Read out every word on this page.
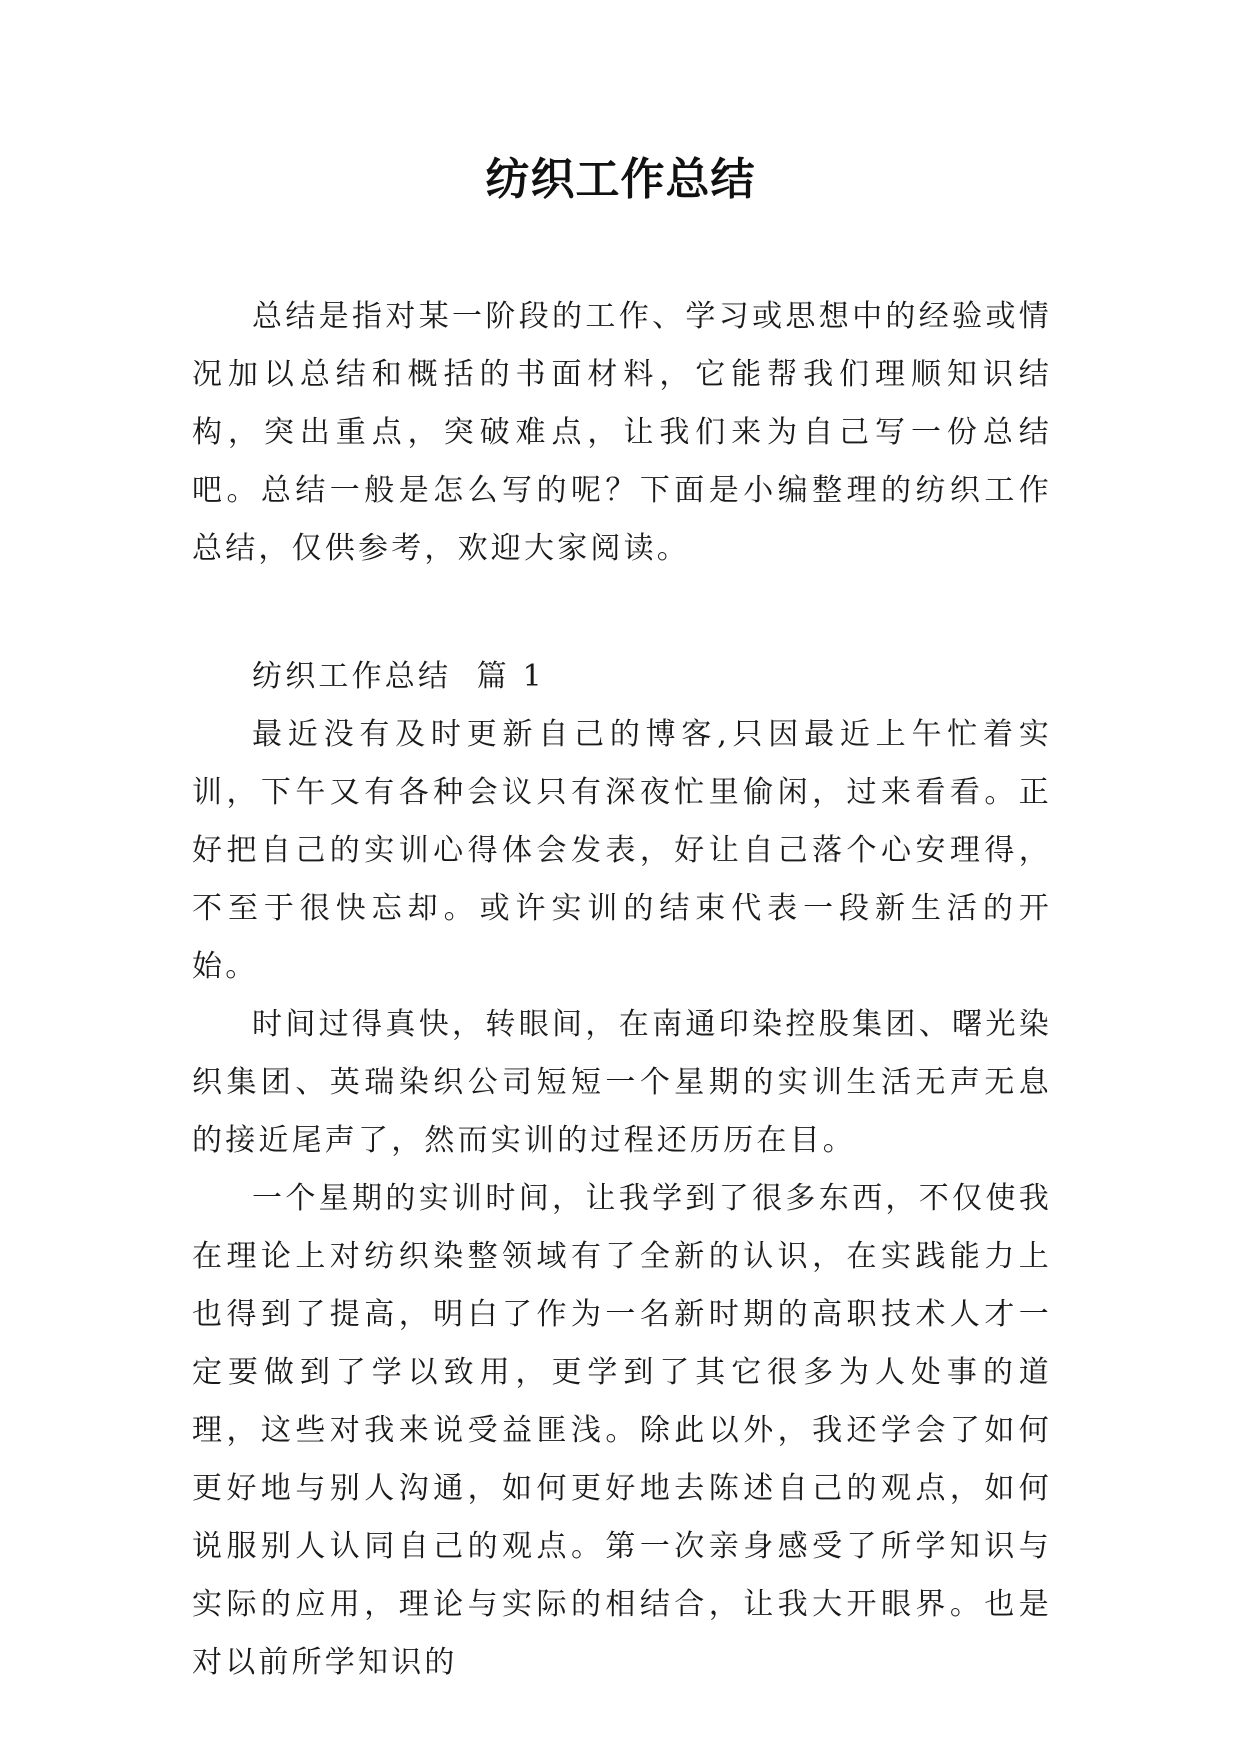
纺织工作总结

总结是指对某一阶段的工作、学习或思想中的经验或情况加以总结和概括的书面材料，它能帮我们理顺知识结构，突出重点，突破难点，让我们来为自己写一份总结吧。总结一般是怎么写的呢？下面是小编整理的纺织工作总结，仅供参考，欢迎大家阅读。

纺织工作总结  篇 1

最近没有及时更新自己的博客,只因最近上午忙着实训，下午又有各种会议只有深夜忙里偷闲，过来看看。正好把自己的实训心得体会发表，好让自己落个心安理得，不至于很快忘却。或许实训的结束代表一段新生活的开始。

时间过得真快，转眼间，在南通印染控股集团、曙光染织集团、英瑞染织公司短短一个星期的实训生活无声无息的接近尾声了，然而实训的过程还历历在目。

一个星期的实训时间，让我学到了很多东西，不仅使我在理论上对纺织染整领域有了全新的认识，在实践能力上也得到了提高，明白了作为一名新时期的高职技术人才一定要做到了学以致用，更学到了其它很多为人处事的道理，这些对我来说受益匪浅。除此以外，我还学会了如何更好地与别人沟通，如何更好地去陈述自己的观点，如何说服别人认同自己的观点。第一次亲身感受了所学知识与实际的应用，理论与实际的相结合，让我大开眼界。也是对以前所学知识的
